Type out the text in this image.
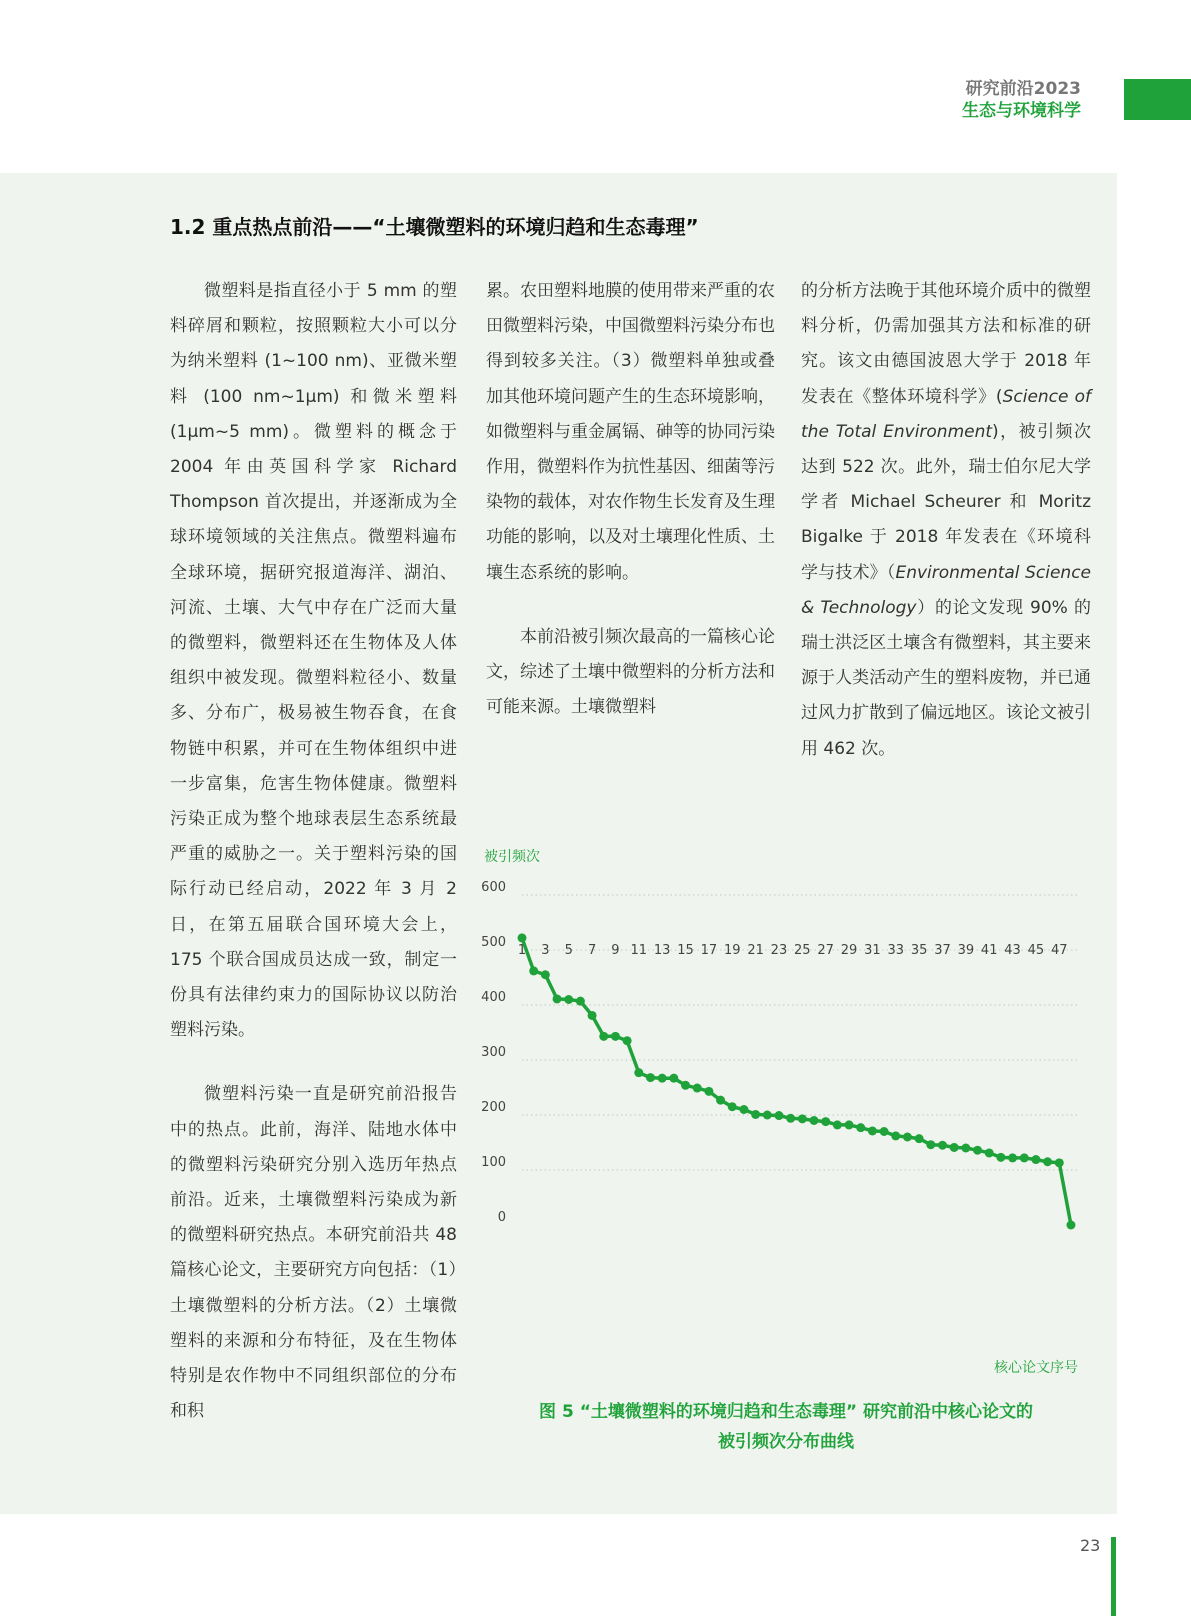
研究前沿2023
生态与环境科学
1.2 重点热点前沿——“土壤微塑料的环境归趋和生态毒理”

微塑料是指直径小于 5 mm 的塑料碎屑和颗粒，按照颗粒大小可以分为纳米塑料 (1~100 nm)、亚微米塑料 (100 nm~1μm) 和微米塑料 (1μm~5 mm)。微塑料的概念于 2004 年由英国科学家 Richard Thompson 首次提出，并逐渐成为全球环境领域的关注焦点。微塑料遍布全球环境，据研究报道海洋、湖泊、河流、土壤、大气中存在广泛而大量的微塑料，微塑料还在生物体及人体组织中被发现。微塑料粒径小、数量多、分布广，极易被生物吞食，在食物链中积累，并可在生物体组织中进一步富集，危害生物体健康。微塑料污染正成为整个地球表层生态系统最严重的威胁之一。关于塑料污染的国际行动已经启动，2022 年 3 月 2 日，在第五届联合国环境大会上，175 个联合国成员达成一致，制定一份具有法律约束力的国际协议以防治塑料污染。

微塑料污染一直是研究前沿报告中的热点。此前，海洋、陆地水体中的微塑料污染研究分别入选历年热点前沿。近来，土壤微塑料污染成为新的微塑料研究热点。本研究前沿共 48 篇核心论文，主要研究方向包括：（1）土壤微塑料的分析方法。（2）土壤微塑料的来源和分布特征，及在生物体特别是农作物中不同组织部位的分布和积

累。农田塑料地膜的使用带来严重的农田微塑料污染，中国微塑料污染分布也得到较多关注。（3）微塑料单独或叠加其他环境问题产生的生态环境影响，如微塑料与重金属镉、砷等的协同污染作用，微塑料作为抗性基因、细菌等污染物的载体，对农作物生长发育及生理功能的影响，以及对土壤理化性质、土壤生态系统的影响。

本前沿被引频次最高的一篇核心论文，综述了土壤中微塑料的分析方法和可能来源。土壤微塑料

的分析方法晚于其他环境介质中的微塑料分析，仍需加强其方法和标准的研究。该文由德国波恩大学于 2018 年发表在《整体环境科学》(Science of the Total Environment)，被引频次达到 522 次。此外，瑞士伯尔尼大学学者 Michael Scheurer 和 Moritz Bigalke 于 2018 年发表在《环境科学与技术》（Environmental Science & Technology）的论文发现 90% 的瑞士洪泛区土壤含有微塑料，其主要来源于人类活动产生的塑料废物，并已通过风力扩散到了偏远地区。该论文被引用 462 次。

被引频次
600
500
400
300
200
100
0
1 3 5 7 9 11 13 15 17 19 21 23 25 27 29 31 33 35 37 39 41 43 45 47
核心论文序号
图 5 “土壤微塑料的环境归趋和生态毒理” 研究前沿中核心论文的
被引频次分布曲线
23
